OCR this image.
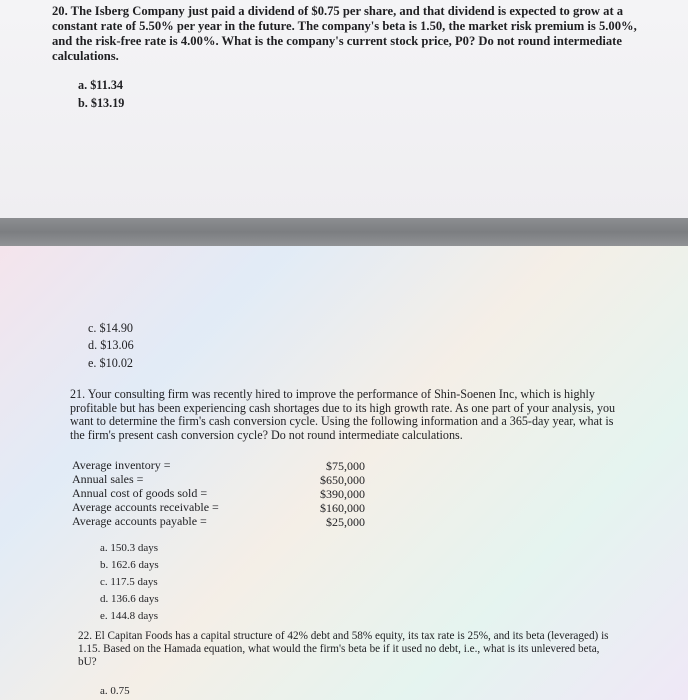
20. The Isberg Company just paid a dividend of $0.75 per share, and that dividend is expected to grow at a constant rate of 5.50% per year in the future. The company's beta is 1.50, the market risk premium is 5.00%, and the risk-free rate is 4.00%. What is the company's current stock price, P0? Do not round intermediate calculations.
a. $11.34
b. $13.19
c. $14.90
d. $13.06
e. $10.02
21. Your consulting firm was recently hired to improve the performance of Shin-Soenen Inc, which is highly profitable but has been experiencing cash shortages due to its high growth rate. As one part of your analysis, you want to determine the firm's cash conversion cycle. Using the following information and a 365-day year, what is the firm's present cash conversion cycle? Do not round intermediate calculations.
Average inventory =	$75,000
Annual sales =	$650,000
Annual cost of goods sold =	$390,000
Average accounts receivable =	$160,000
Average accounts payable =	$25,000
a. 150.3 days
b. 162.6 days
c. 117.5 days
d. 136.6 days
e. 144.8 days
22. El Capitan Foods has a capital structure of 42% debt and 58% equity, its tax rate is 25%, and its beta (leveraged) is 1.15. Based on the Hamada equation, what would the firm's beta be if it used no debt, i.e., what is its unlevered beta, bU?
a. 0.75
